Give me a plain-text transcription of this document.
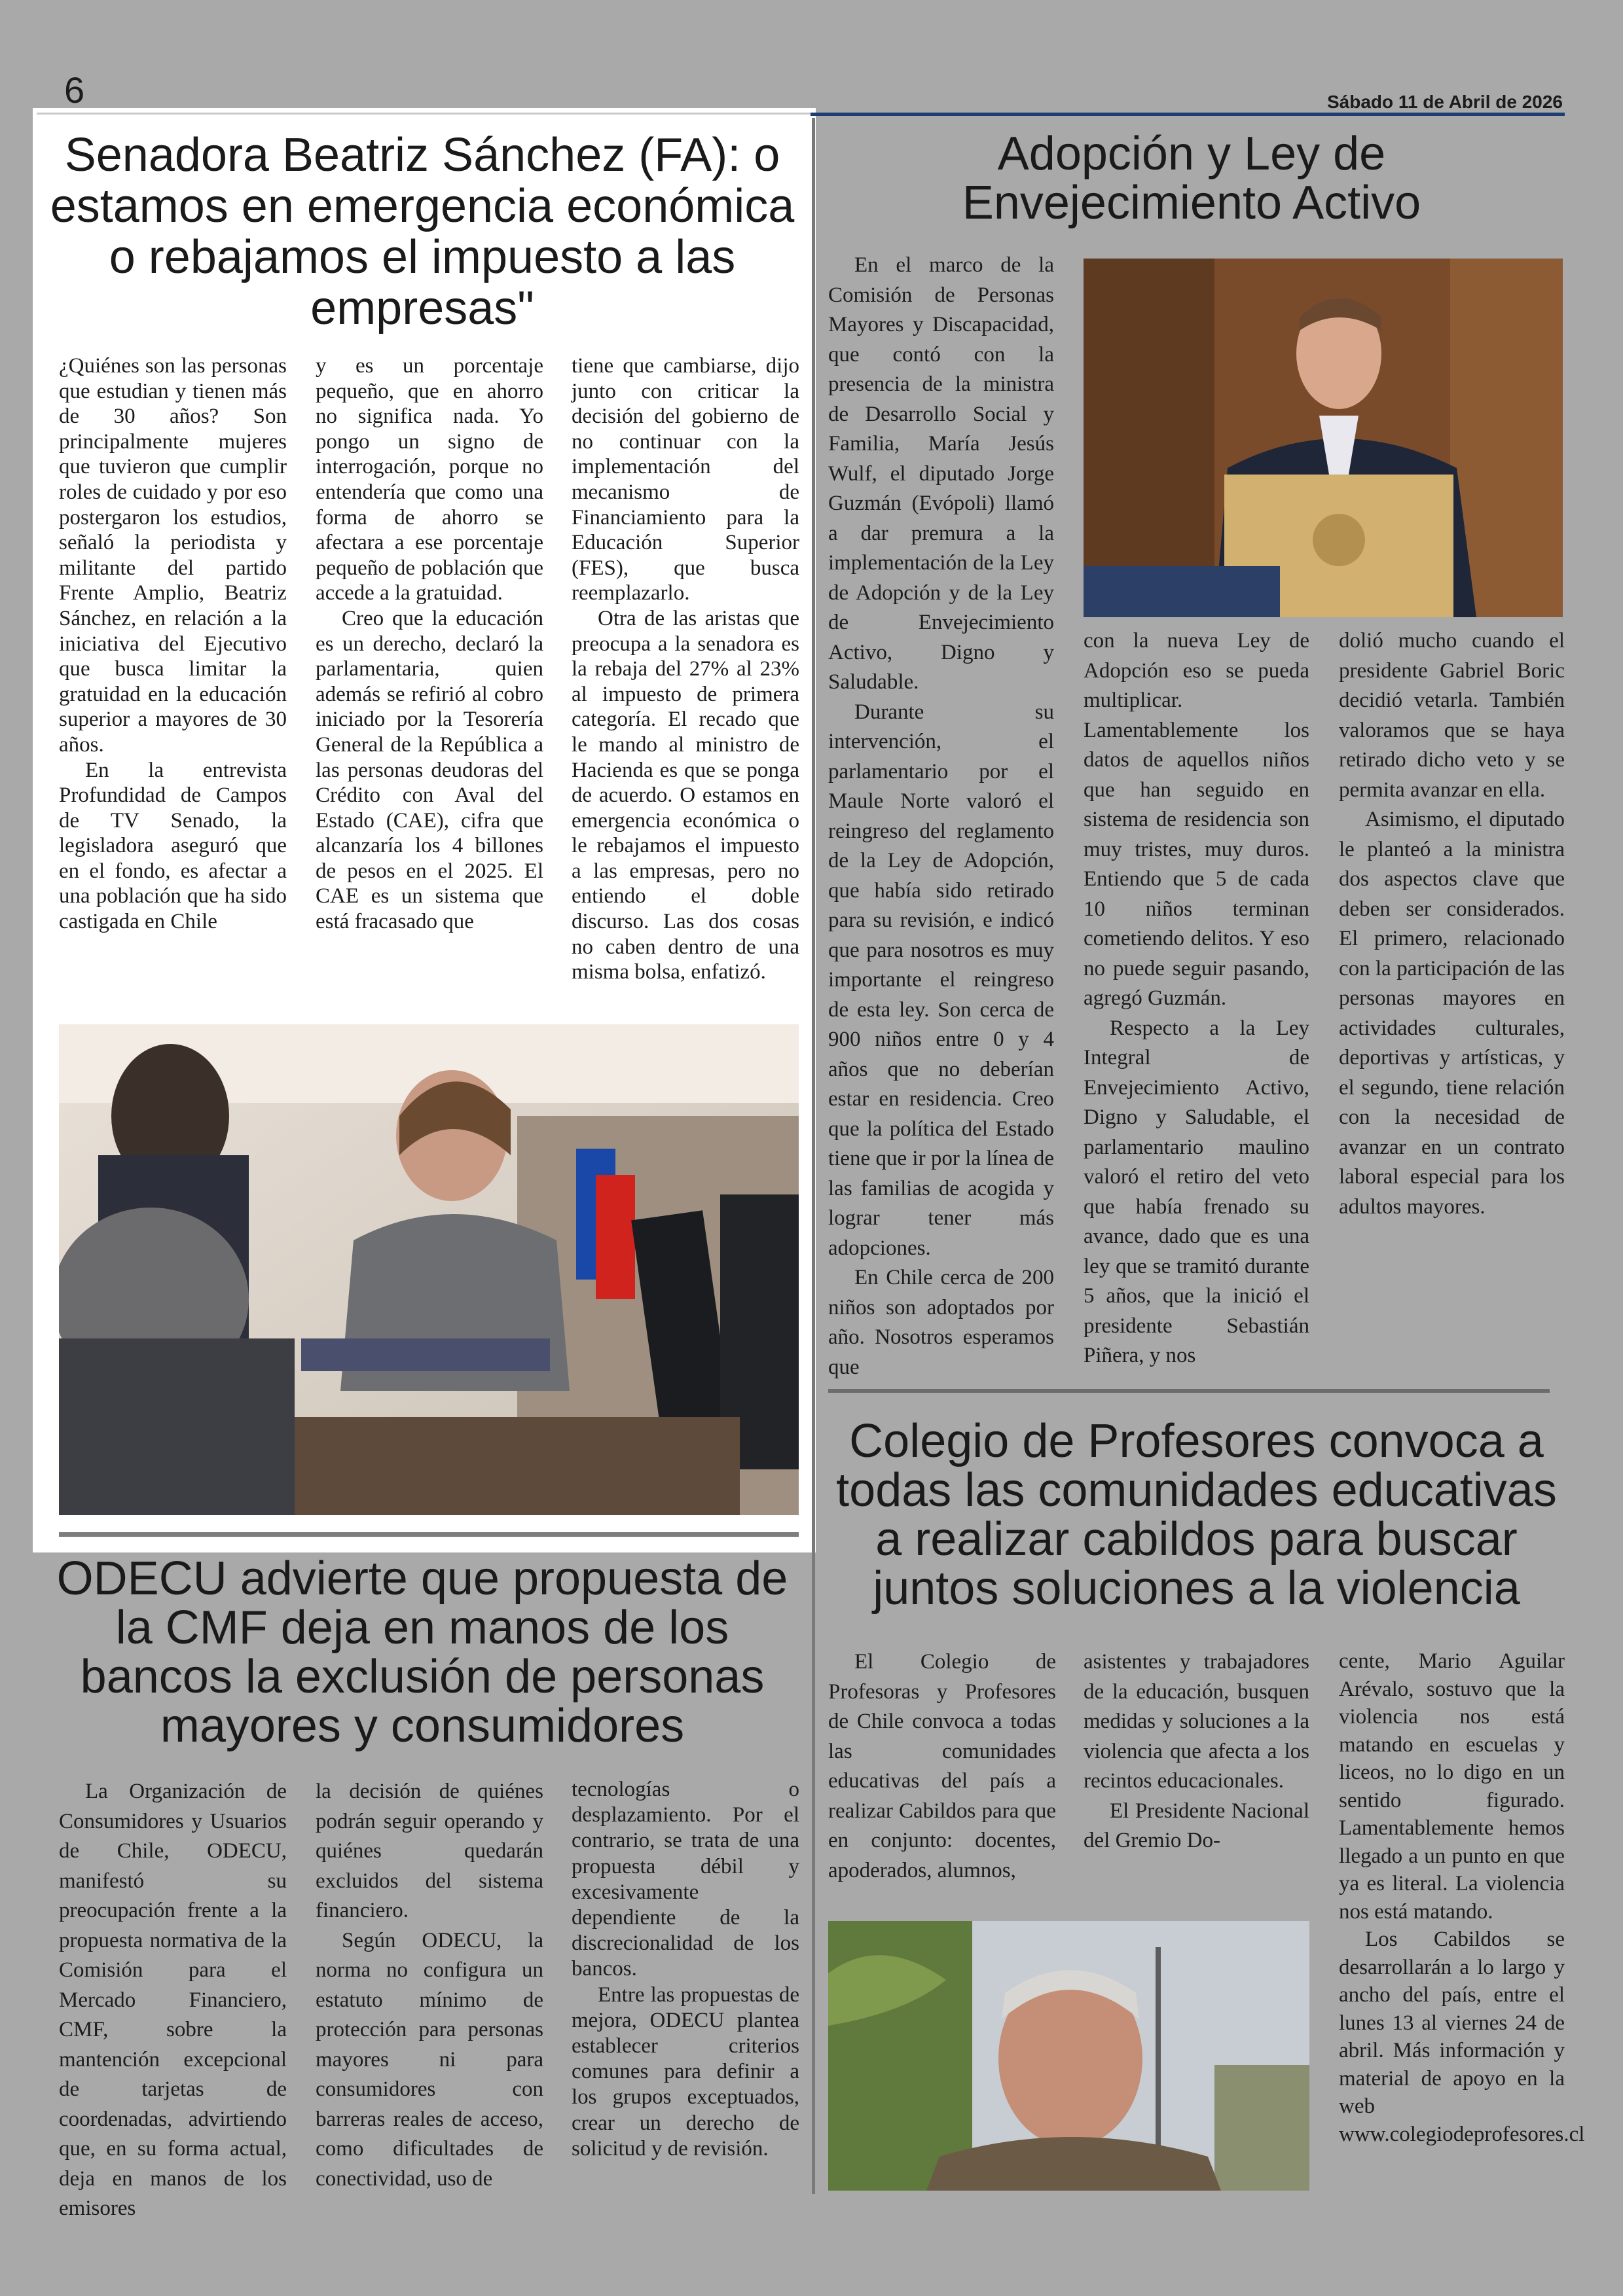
6	Sábado 11 de Abril de 2026
Senadora Beatriz Sánchez (FA): o estamos en emergencia económica o rebajamos el impuesto a las empresas"

¿Quiénes son las personas que estudian y tienen más de 30 años? Son principalmente mujeres que tuvieron que cumplir roles de cuidado y por eso postergaron los estudios, señaló la periodista y militante del partido Frente Amplio, Beatriz Sánchez, en relación a la iniciativa del Ejecutivo que busca limitar la gratuidad en la educación superior a mayores de 30 años.

En la entrevista Profundidad de Campos de TV Senado, la legisladora aseguró que en el fondo, es afectar a una población que ha sido castigada en Chile

y es un porcentaje pequeño, que en ahorro no significa nada. Yo pongo un signo de interrogación, porque no entendería que como una forma de ahorro se afectara a ese porcentaje pequeño de población que accede a la gratuidad.

Creo que la educación es un derecho, declaró la parlamentaria, quien además se refirió al cobro iniciado por la Tesorería General de la República a las personas deudoras del Crédito con Aval del Estado (CAE), cifra que alcanzaría los 4 billones de pesos en el 2025. El CAE es un sistema que está fracasado que

tiene que cambiarse, dijo junto con criticar la decisión del gobierno de no continuar con la implementación del mecanismo de Financiamiento para la Educación Superior (FES), que busca reemplazarlo.

Otra de las aristas que preocupa a la senadora es la rebaja del 27% al 23% al impuesto de primera categoría. El recado que le mando al ministro de Hacienda es que se ponga de acuerdo. O estamos en emergencia económica o le rebajamos el impuesto a las empresas, pero no entiendo el doble discurso. Las dos cosas no caben dentro de una misma bolsa, enfatizó.

Adopción y Ley de Envejecimiento Activo

En el marco de la Comisión de Personas Mayores y Discapacidad, que contó con la presencia de la ministra de Desarrollo Social y Familia, María Jesús Wulf, el diputado Jorge Guzmán (Evópoli) llamó a dar premura a la implementación de la Ley de Adopción y de la Ley de Envejecimiento Activo, Digno y Saludable.

Durante su intervención, el parlamentario por el Maule Norte valoró el reingreso del reglamento de la Ley de Adopción, que había sido retirado para su revisión, e indicó que para nosotros es muy importante el reingreso de esta ley. Son cerca de 900 niños entre 0 y 4 años que no deberían estar en residencia. Creo que la política del Estado tiene que ir por la línea de las familias de acogida y lograr tener más adopciones.

En Chile cerca de 200 niños son adoptados por año. Nosotros esperamos que

con la nueva Ley de Adopción eso se pueda multiplicar. Lamentablemente los datos de aquellos niños que han seguido en sistema de residencia son muy tristes, muy duros. Entiendo que 5 de cada 10 niños terminan cometiendo delitos. Y eso no puede seguir pasando, agregó Guzmán.

Respecto a la Ley Integral de Envejecimiento Activo, Digno y Saludable, el parlamentario maulino valoró el retiro del veto que había frenado su avance, dado que es una ley que se tramitó durante 5 años, que la inició el presidente Sebastián Piñera, y nos

dolió mucho cuando el presidente Gabriel Boric decidió vetarla. También valoramos que se haya retirado dicho veto y se permita avanzar en ella.

Asimismo, el diputado le planteó a la ministra dos aspectos clave que deben ser considerados. El primero, relacionado con la participación de las personas mayores en actividades culturales, deportivas y artísticas, y el segundo, tiene relación con la necesidad de avanzar en un contrato laboral especial para los adultos mayores.

Colegio de Profesores convoca a todas las comunidades educativas a realizar cabildos para buscar juntos soluciones a la violencia

El Colegio de Profesoras y Profesores de Chile convoca a todas las comunidades educativas del país a realizar Cabildos para que en conjunto: docentes, apoderados, alumnos,

asistentes y trabajadores de la educación, busquen medidas y soluciones a la violencia que afecta a los recintos educacionales.

El Presidente Nacional del Gremio Do-

cente, Mario Aguilar Arévalo, sostuvo que la violencia nos está matando en escuelas y liceos, no lo digo en un sentido figurado. Lamentablemente hemos llegado a un punto en que ya es literal. La violencia nos está matando.

Los Cabildos se desarrollarán a lo largo y ancho del país, entre el lunes 13 al viernes 24 de abril. Más información y material de apoyo en la web www.colegiodeprofesores.cl

ODECU advierte que propuesta de la CMF deja en manos de los bancos la exclusión de personas mayores y consumidores

La Organización de Consumidores y Usuarios de Chile, ODECU, manifestó su preocupación frente a la propuesta normativa de la Comisión para el Mercado Financiero, CMF, sobre la mantención excepcional de tarjetas de coordenadas, advirtiendo que, en su forma actual, deja en manos de los emisores

la decisión de quiénes podrán seguir operando y quiénes quedarán excluidos del sistema financiero.

Según ODECU, la norma no configura un estatuto mínimo de protección para personas mayores ni para consumidores con barreras reales de acceso, como dificultades de conectividad, uso de

tecnologías o desplazamiento. Por el contrario, se trata de una propuesta débil y excesivamente dependiente de la discrecionalidad de los bancos.

Entre las propuestas de mejora, ODECU plantea establecer criterios comunes para definir a los grupos exceptuados, crear un derecho de solicitud y de revisión.
